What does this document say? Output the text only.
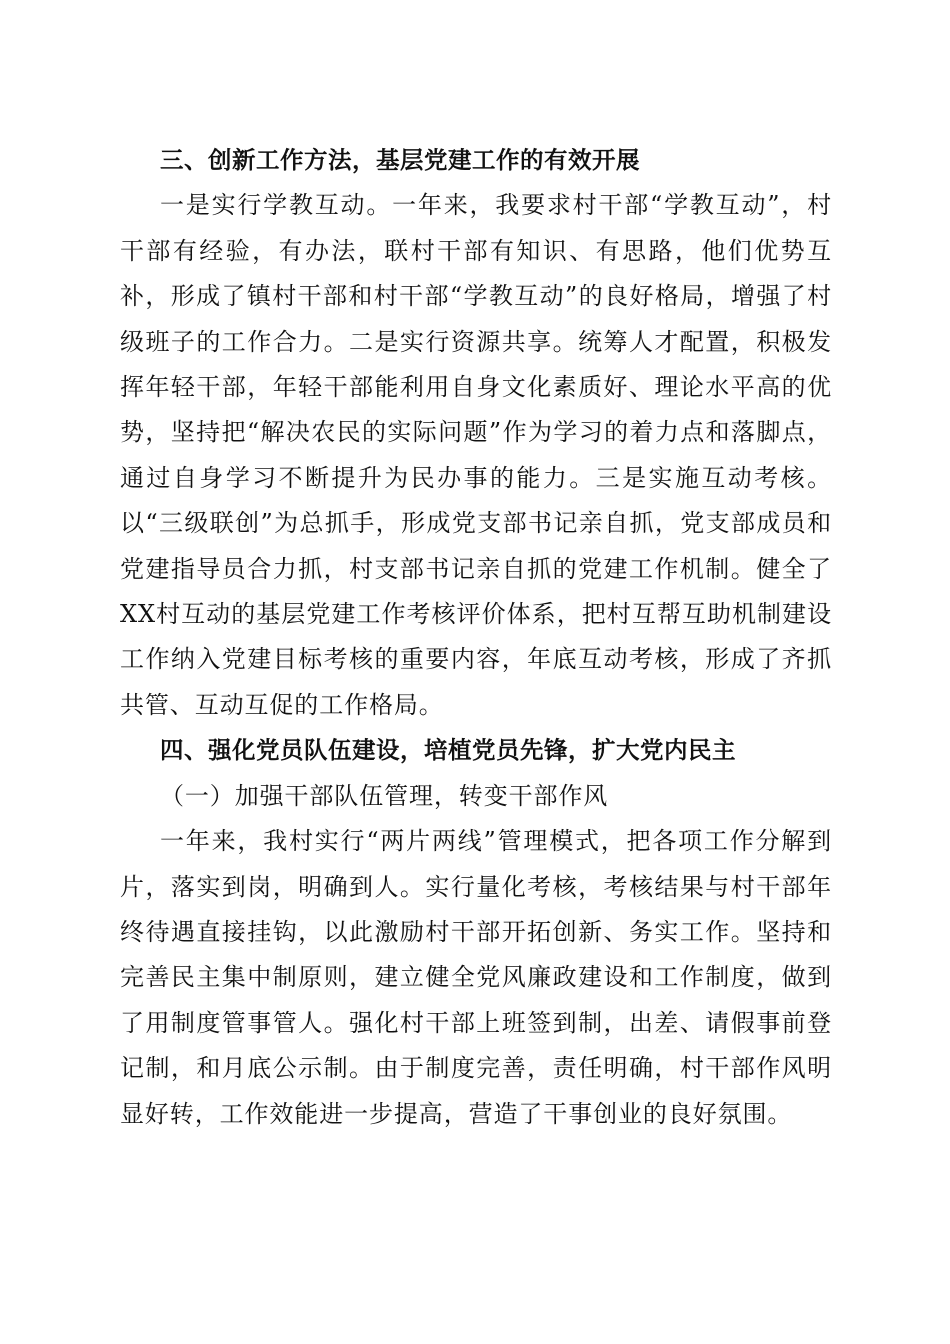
三、创新工作方法，基层党建工作的有效开展

一是实行学教互动。一年来，我要求村干部“学教互动”，村干部有经验，有办法，联村干部有知识、有思路，他们优势互补，形成了镇村干部和村干部“学教互动”的良好格局，增强了村级班子的工作合力。二是实行资源共享。统筹人才配置，积极发挥年轻干部，年轻干部能利用自身文化素质好、理论水平高的优势，坚持把“解决农民的实际问题”作为学习的着力点和落脚点，通过自身学习不断提升为民办事的能力。三是实施互动考核。以“三级联创”为总抓手，形成党支部书记亲自抓，党支部成员和党建指导员合力抓，村支部书记亲自抓的党建工作机制。健全了XX村互动的基层党建工作考核评价体系，把村互帮互助机制建设工作纳入党建目标考核的重要内容，年底互动考核，形成了齐抓共管、互动互促的工作格局。

四、强化党员队伍建设，培植党员先锋，扩大党内民主

（一）加强干部队伍管理，转变干部作风

一年来，我村实行“两片两线”管理模式，把各项工作分解到片，落实到岗，明确到人。实行量化考核，考核结果与村干部年终待遇直接挂钩，以此激励村干部开拓创新、务实工作。坚持和完善民主集中制原则，建立健全党风廉政建设和工作制度，做到了用制度管事管人。强化村干部上班签到制，出差、请假事前登记制，和月底公示制。由于制度完善，责任明确，村干部作风明显好转，工作效能进一步提高，营造了干事创业的良好氛围。
